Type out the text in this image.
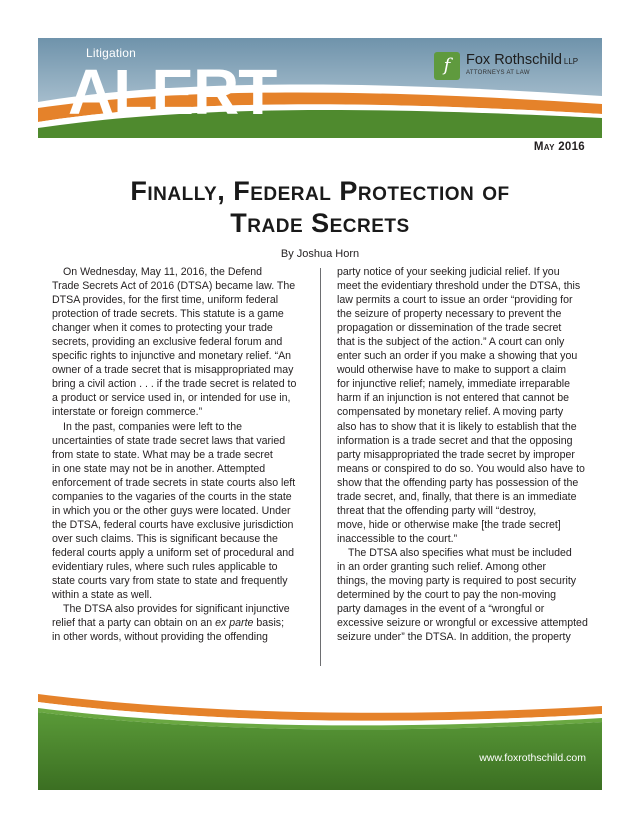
Litigation
ALERT	f	Fox Rothschild LLP
ATTORNEYS AT LAW
May 2016
Finally, Federal Protection of
Trade Secrets
By Joshua Horn
On Wednesday, May 11, 2016, the Defend
Trade Secrets Act of 2016 (DTSA) became law. The
DTSA provides, for the first time, uniform federal
protection of trade secrets. This statute is a game
changer when it comes to protecting your trade
secrets, providing an exclusive federal forum and
specific rights to injunctive and monetary relief. “An
owner of a trade secret that is misappropriated may
bring a civil action . . . if the trade secret is related to
a product or service used in, or intended for use in,
interstate or foreign commerce.”
In the past, companies were left to the
uncertainties of state trade secret laws that varied
from state to state. What may be a trade secret
in one state may not be in another. Attempted
enforcement of trade secrets in state courts also left
companies to the vagaries of the courts in the state
in which you or the other guys were located. Under
the DTSA, federal courts have exclusive jurisdiction
over such claims. This is significant because the
federal courts apply a uniform set of procedural and
evidentiary rules, where such rules applicable to
state courts vary from state to state and frequently
within a state as well.
The DTSA also provides for significant injunctive
relief that a party can obtain on an ex parte basis;
in other words, without providing the offending
party notice of your seeking judicial relief. If you
meet the evidentiary threshold under the DTSA, this
law permits a court to issue an order “providing for
the seizure of property necessary to prevent the
propagation or dissemination of the trade secret
that is the subject of the action.” A court can only
enter such an order if you make a showing that you
would otherwise have to make to support a claim
for injunctive relief; namely, immediate irreparable
harm if an injunction is not entered that cannot be
compensated by monetary relief. A moving party
also has to show that it is likely to establish that the
information is a trade secret and that the opposing
party misappropriated the trade secret by improper
means or conspired to do so. You would also have to
show that the offending party has possession of the
trade secret, and, finally, that there is an immediate
threat that the offending party will “destroy,
move, hide or otherwise make [the trade secret]
inaccessible to the court.”
The DTSA also specifies what must be included
in an order granting such relief. Among other
things, the moving party is required to post security
determined by the court to pay the non-moving
party damages in the event of a “wrongful or
excessive seizure or wrongful or excessive attempted
seizure under” the DTSA. In addition, the property
www.foxrothschild.com
